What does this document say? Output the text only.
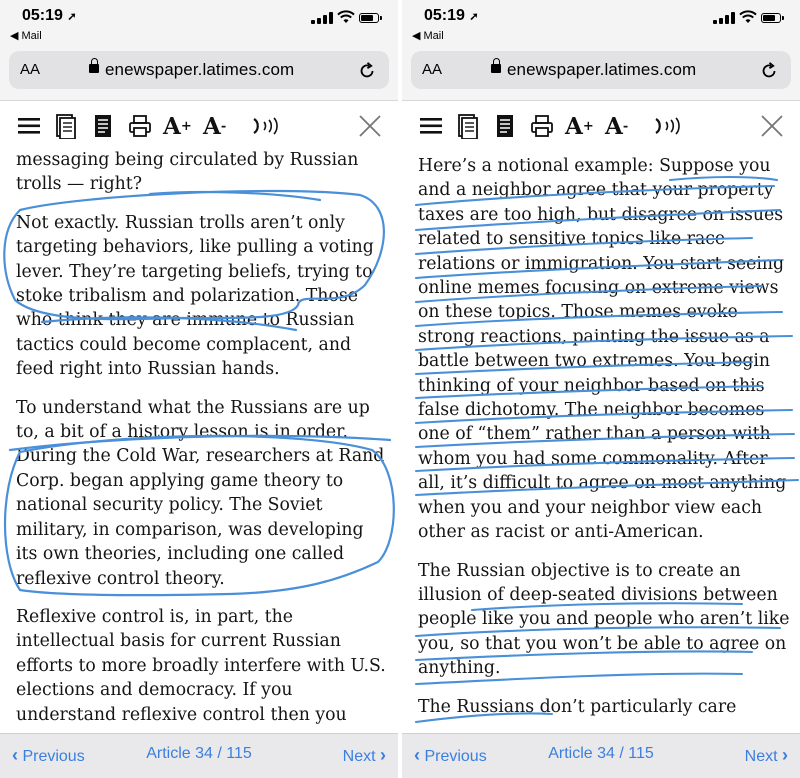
05:19 ➚
◀ Mail
AA	enewspaper.latimes.com
A + A -

messaging being circulated by Russian trolls — right?

Not exactly. Russian trolls aren’t only targeting behaviors, like pulling a voting lever. They’re targeting beliefs, trying to stoke tribalism and polarization. Those who think they are immune to Russian tactics could become complacent, and feed right into Russian hands.

To understand what the Russians are up to, a bit of a history lesson is in order. During the Cold War, researchers at Rand Corp. began applying game theory to national security policy. The Soviet military, in comparison, was developing its own theories, including one called reflexive control theory.

Reflexive control is, in part, the intellectual basis for current Russian efforts to more broadly interfere with U.S. elections and democracy. If you understand reflexive control then you

‹ Previous	Article 34 / 115	Next ›
05:19 ➚
◀ Mail
AA	enewspaper.latimes.com
A + A -

Here’s a notional example: Suppose you and a neighbor agree that your property taxes are too high, but disagree on issues related to sensitive topics like race relations or immigration. You start seeing online memes focusing on extreme views on these topics. Those memes evoke strong reactions, painting the issue as a battle between two extremes. You begin thinking of your neighbor based on this false dichotomy. The neighbor becomes one of “them” rather than a person with whom you had some commonality. After all, it’s difficult to agree on most anything when you and your neighbor view each other as racist or anti-American.

The Russian objective is to create an illusion of deep-seated divisions between people like you and people who aren’t like you, so that you won’t be able to agree on anything.

The Russians don’t particularly care

‹ Previous	Article 34 / 115	Next ›
